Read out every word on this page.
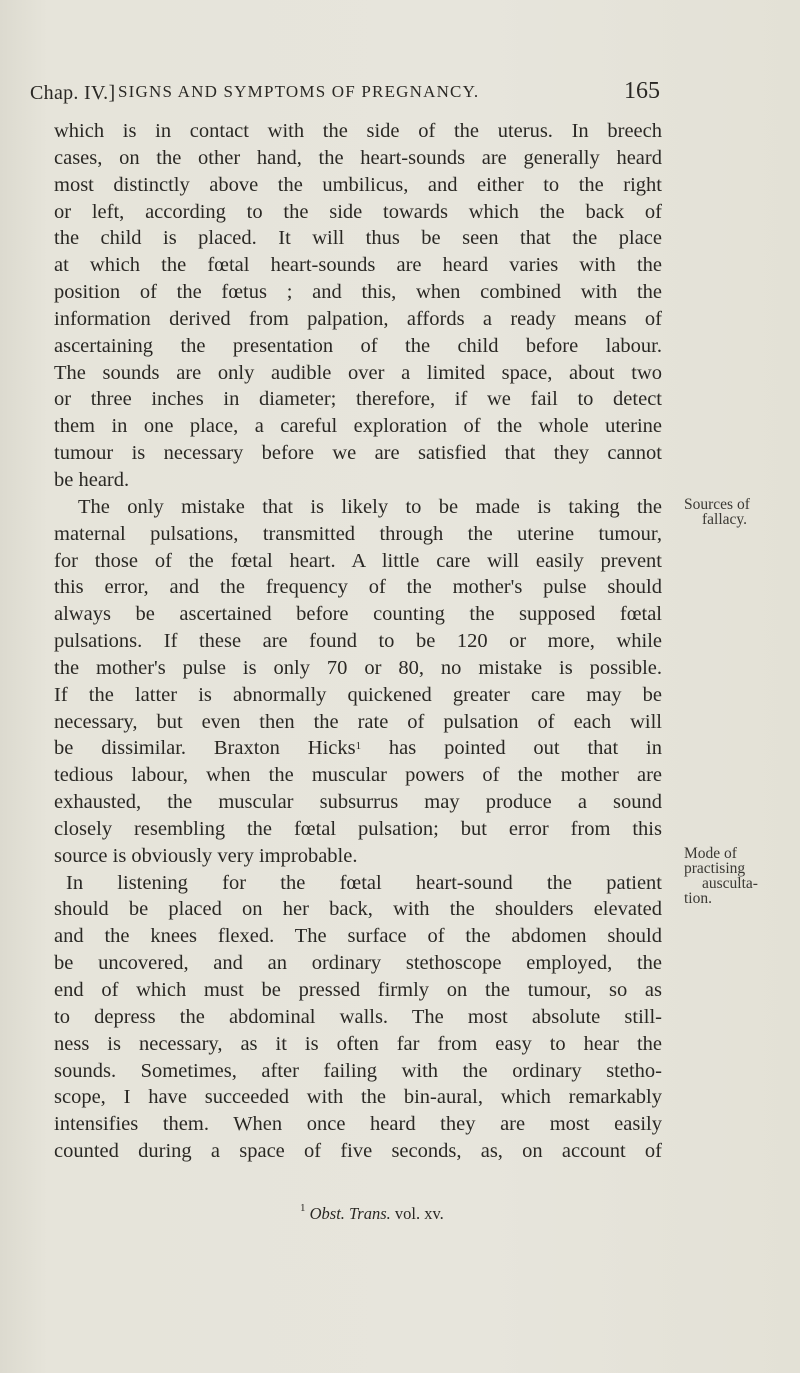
Chap. IV.] SIGNS AND SYMPTOMS OF PREGNANCY.	165
which is in contact with the side of the uterus. In breech
cases, on the other hand, the heart-sounds are generally heard
most distinctly above the umbilicus, and either to the right
or left, according to the side towards which the back of
the child is placed. It will thus be seen that the place
at which the fœtal heart-sounds are heard varies with the
position of the fœtus ; and this, when combined with the
information derived from palpation, affords a ready means of
ascertaining the presentation of the child before labour.
The sounds are only audible over a limited space, about two
or three inches in diameter; therefore, if we fail to detect
them in one place, a careful exploration of the whole uterine
tumour is necessary before we are satisfied that they cannot
be heard.
The only mistake that is likely to be made is taking the
maternal pulsations, transmitted through the uterine tumour,
for those of the fœtal heart. A little care will easily prevent
this error, and the frequency of the mother's pulse should
always be ascertained before counting the supposed fœtal
pulsations. If these are found to be 120 or more, while
the mother's pulse is only 70 or 80, no mistake is possible.
If the latter is abnormally quickened greater care may be
necessary, but even then the rate of pulsation of each will
be dissimilar. Braxton Hicks$^1$ has pointed out that in
tedious labour, when the muscular powers of the mother are
exhausted, the muscular subsurrus may produce a sound
closely resembling the fœtal pulsation; but error from this
source is obviously very improbable.
In listening for the fœtal heart-sound the patient
should be placed on her back, with the shoulders elevated
and the knees flexed. The surface of the abdomen should
be uncovered, and an ordinary stethoscope employed, the
end of which must be pressed firmly on the tumour, so as
to depress the abdominal walls. The most absolute still-
ness is necessary, as it is often far from easy to hear the
sounds. Sometimes, after failing with the ordinary stetho-
scope, I have succeeded with the bin-aural, which remarkably
intensifies them. When once heard they are most easily
counted during a space of five seconds, as, on account of
Sources of
fallacy.
Mode of
practising
ausculta-
tion.
$^1$ Obst. Trans. vol. xv.
